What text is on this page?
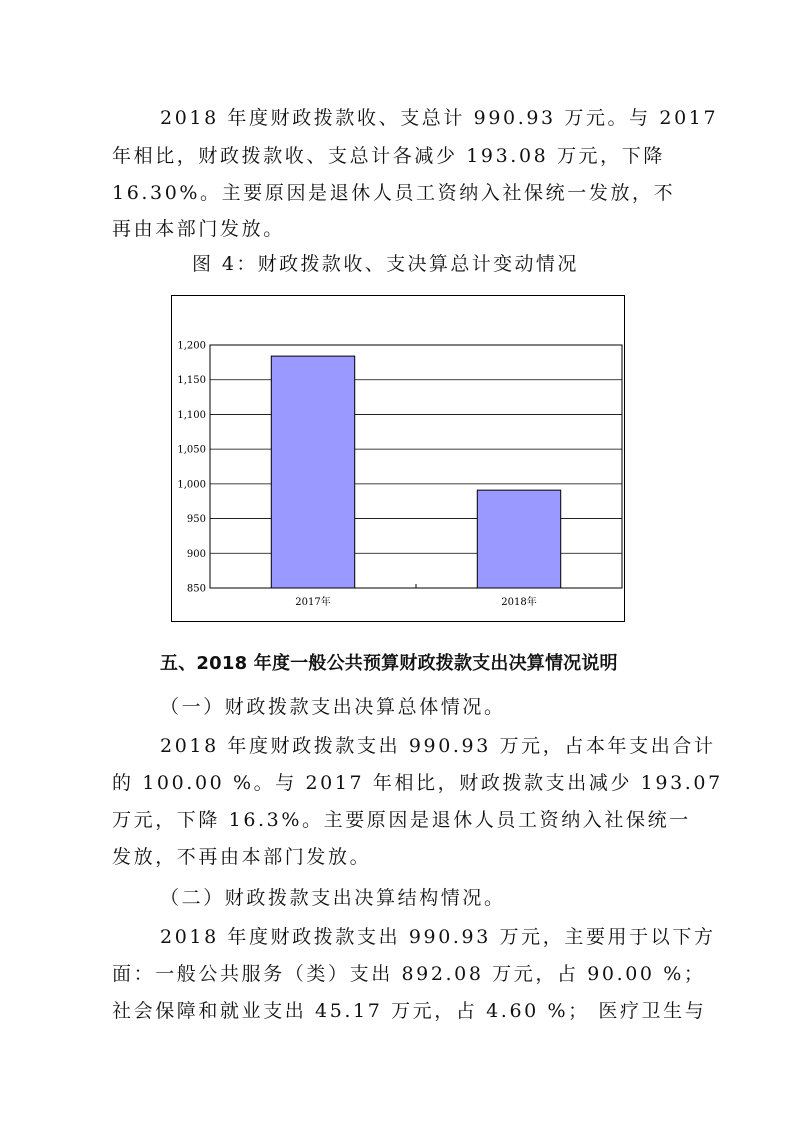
2018 年度财政拨款收、支总计 990.93 万元。与 2017
年相比，财政拨款收、支总计各减少 193.08 万元，下降
16.30%。主要原因是退休人员工资纳入社保统一发放，不
再由本部门发放。
图 4：财政拨款收、支决算总计变动情况
850
900
950
1,000
1,050
1,100
1,150
1,200
2017年	2018年
五、2018 年度一般公共预算财政拨款支出决算情况说明
（一）财政拨款支出决算总体情况。
2018 年度财政拨款支出 990.93 万元，占本年支出合计
的 100.00 %。与 2017 年相比，财政拨款支出减少 193.07
万元，下降 16.3%。主要原因是退休人员工资纳入社保统一
发放，不再由本部门发放。
（二）财政拨款支出决算结构情况。
2018 年度财政拨款支出 990.93 万元，主要用于以下方
面：一般公共服务（类）支出 892.08 万元，占 90.00 %；
社会保障和就业支出 45.17 万元，占 4.60 %； 医疗卫生与
